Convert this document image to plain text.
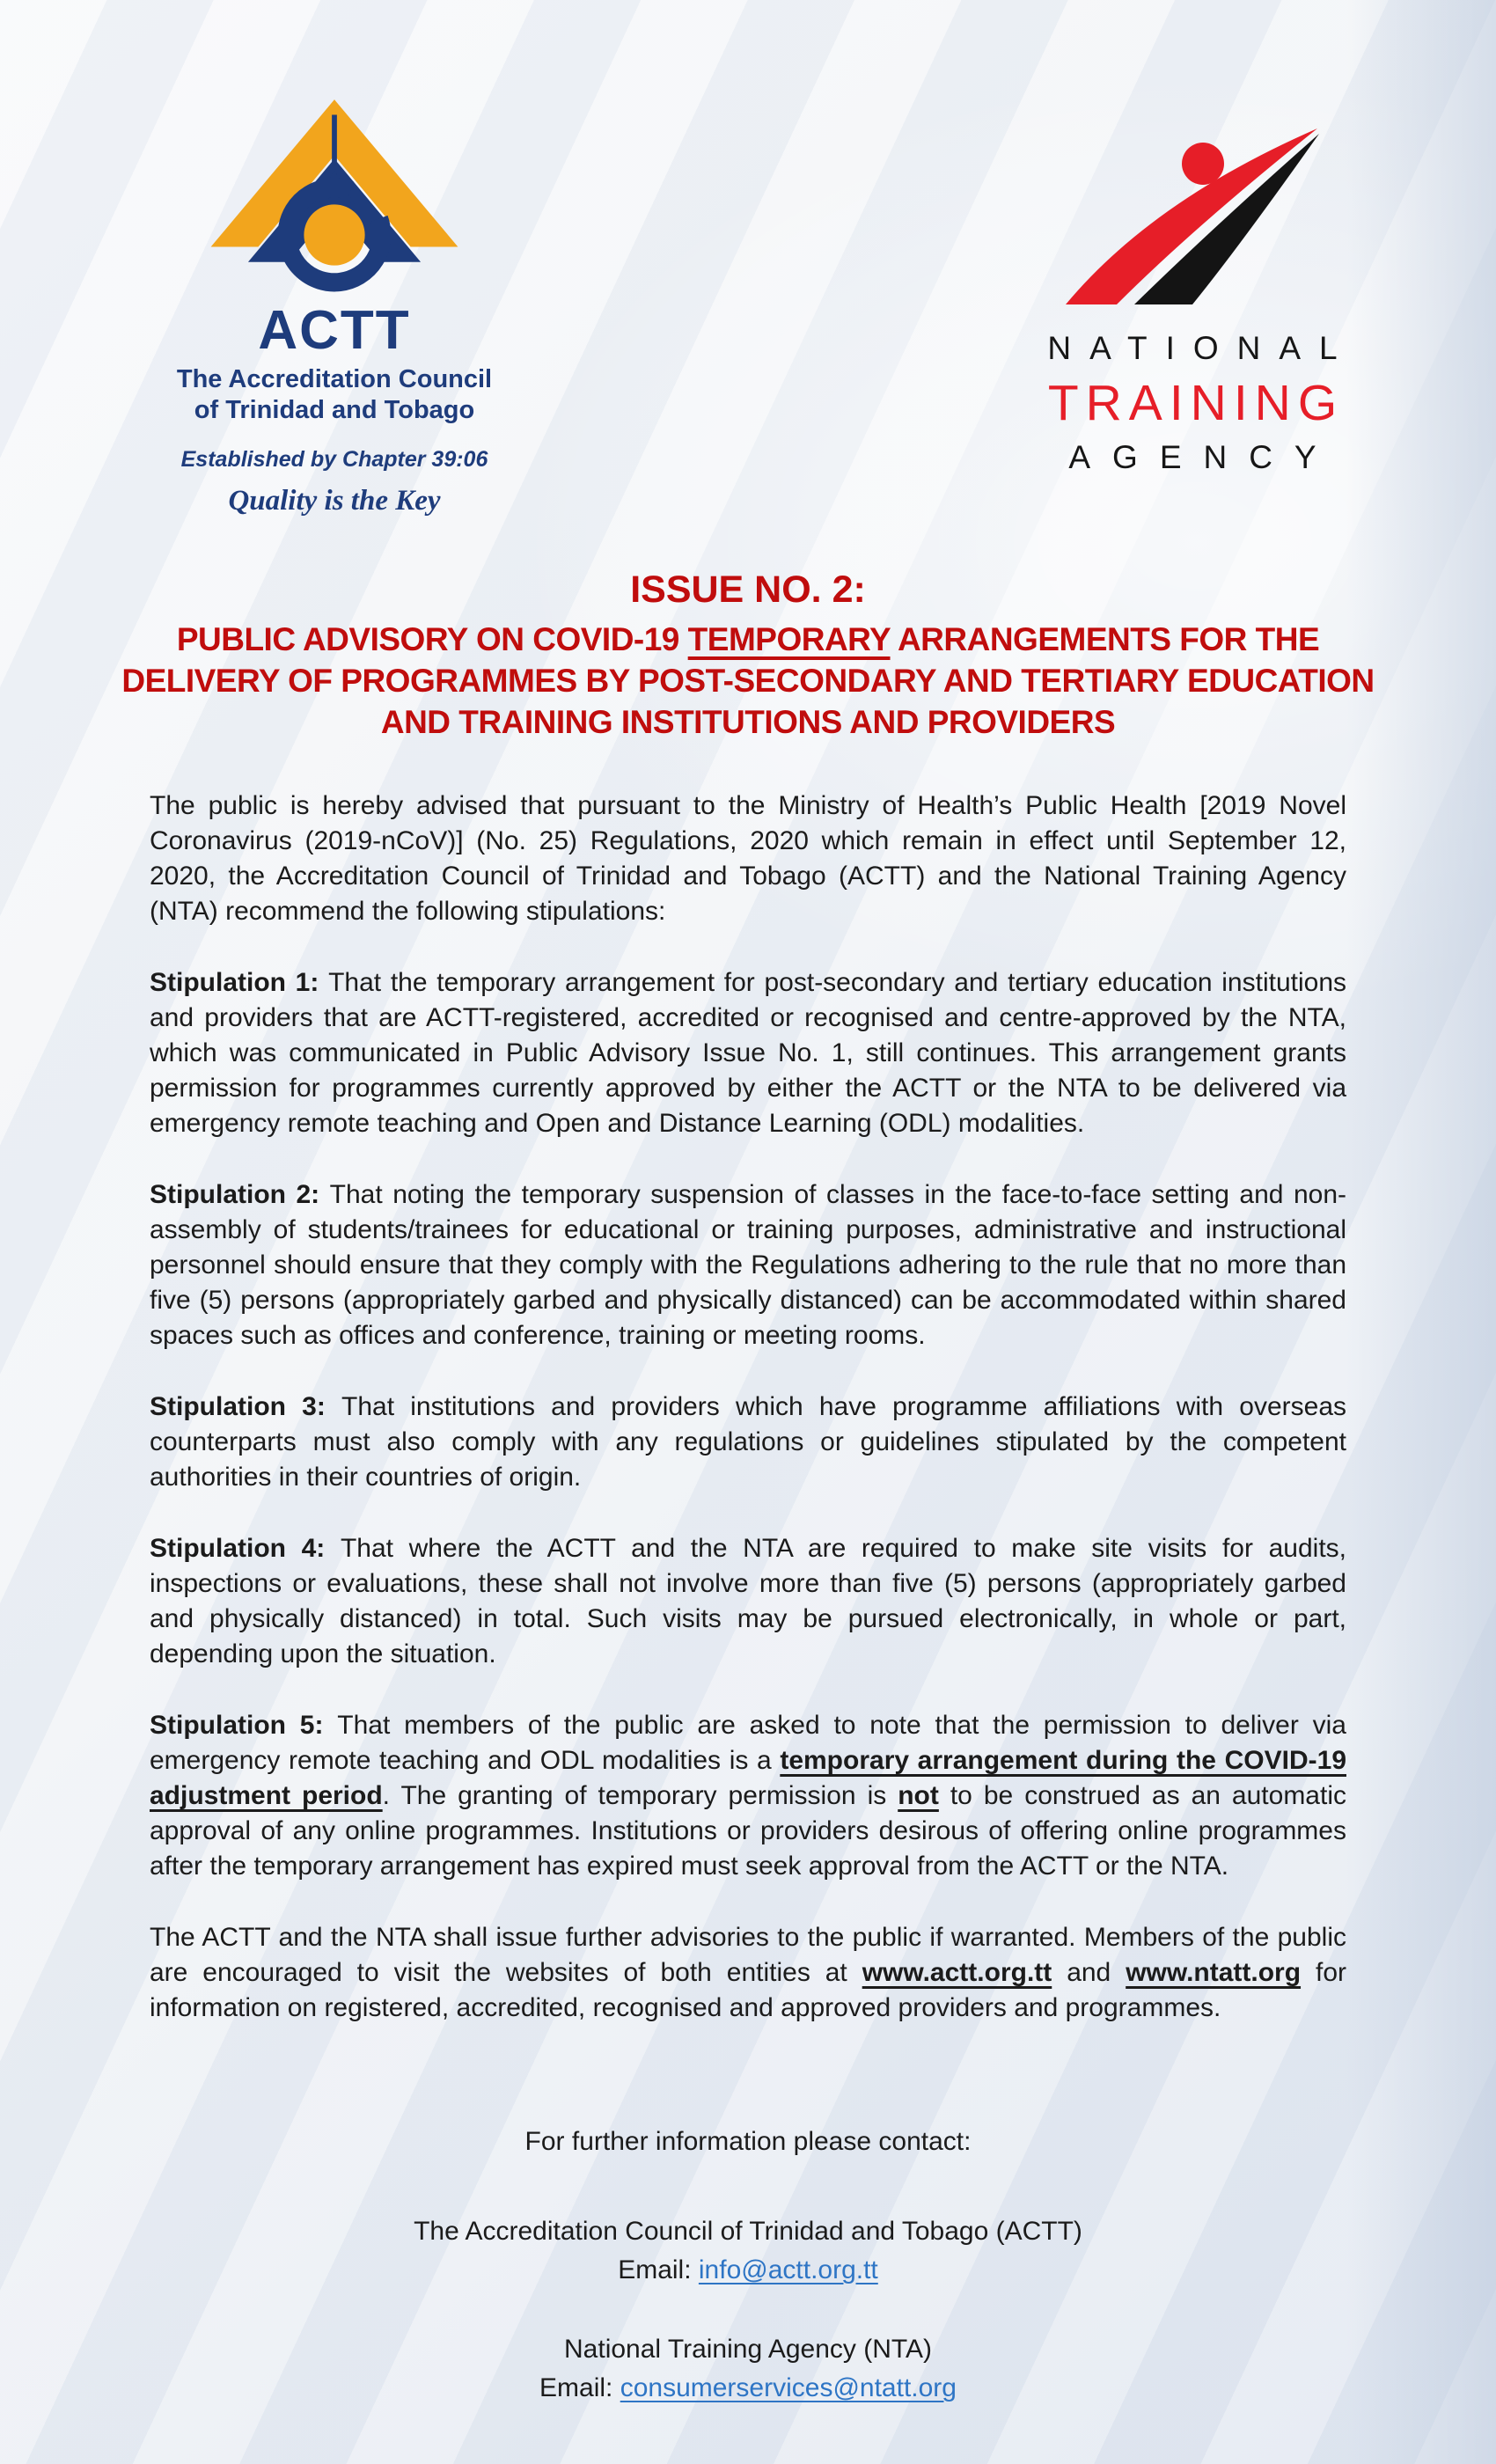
ACTT
The Accreditation Council
of Trinidad and Tobago
Established by Chapter 39:06
Quality is the Key
NATIONAL
TRAINING
AGENCY
ISSUE NO. 2:
PUBLIC ADVISORY ON COVID-19 TEMPORARY ARRANGEMENTS FOR THE DELIVERY OF PROGRAMMES BY POST-SECONDARY AND TERTIARY EDUCATION AND TRAINING INSTITUTIONS AND PROVIDERS

The public is hereby advised that pursuant to the Ministry of Health’s Public Health [2019 Novel Coronavirus (2019-nCoV)] (No. 25) Regulations, 2020 which remain in effect until September 12, 2020, the Accreditation Council of Trinidad and Tobago (ACTT) and the National Training Agency (NTA) recommend the following stipulations:

Stipulation 1: That the temporary arrangement for post-secondary and tertiary education institutions and providers that are ACTT-registered, accredited or recognised and centre-approved by the NTA, which was communicated in Public Advisory Issue No. 1, still continues. This arrangement grants permission for programmes currently approved by either the ACTT or the NTA to be delivered via emergency remote teaching and Open and Distance Learning (ODL) modalities.

Stipulation 2: That noting the temporary suspension of classes in the face-to-face setting and non-assembly of students/trainees for educational or training purposes, administrative and instructional personnel should ensure that they comply with the Regulations adhering to the rule that no more than five (5) persons (appropriately garbed and physically distanced) can be accommodated within shared spaces such as offices and conference, training or meeting rooms.

Stipulation 3: That institutions and providers which have programme affiliations with overseas counterparts must also comply with any regulations or guidelines stipulated by the competent authorities in their countries of origin.

Stipulation 4: That where the ACTT and the NTA are required to make site visits for audits, inspections or evaluations, these shall not involve more than five (5) persons (appropriately garbed and physically distanced) in total. Such visits may be pursued electronically, in whole or part, depending upon the situation.

Stipulation 5: That members of the public are asked to note that the permission to deliver via emergency remote teaching and ODL modalities is a temporary arrangement during the COVID-19 adjustment period. The granting of temporary permission is not to be construed as an automatic approval of any online programmes. Institutions or providers desirous of offering online programmes after the temporary arrangement has expired must seek approval from the ACTT or the NTA.

The ACTT and the NTA shall issue further advisories to the public if warranted. Members of the public are encouraged to visit the websites of both entities at www.actt.org.tt and www.ntatt.org for information on registered, accredited, recognised and approved providers and programmes.

For further information please contact:

The Accreditation Council of Trinidad and Tobago (ACTT)

Email: info@actt.org.tt

National Training Agency (NTA)

Email: consumerservices@ntatt.org
